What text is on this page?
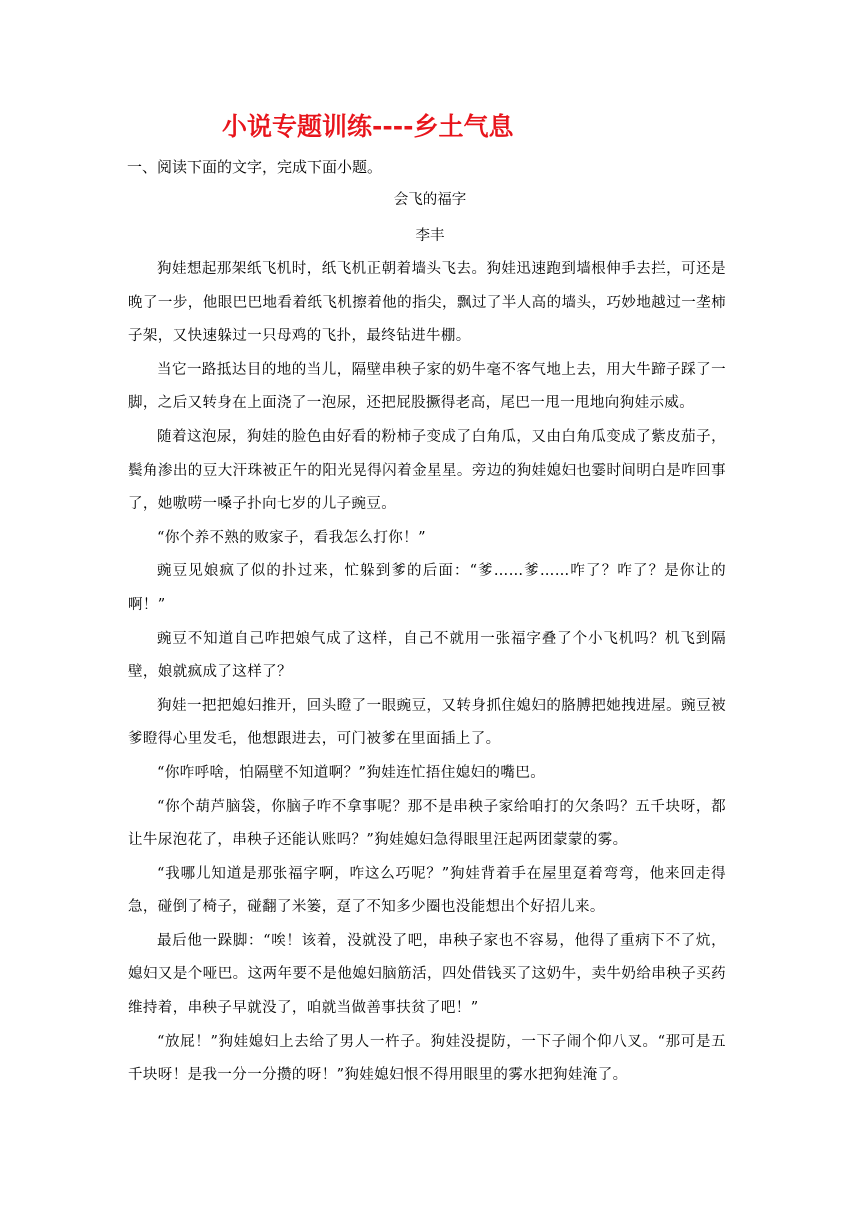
小说专题训练----乡土气息

一、阅读下面的文字，完成下面小题。

会飞的福字

李丰

狗娃想起那架纸飞机时，纸飞机正朝着墙头飞去。狗娃迅速跑到墙根伸手去拦，可还是晚了一步，他眼巴巴地看着纸飞机擦着他的指尖，飘过了半人高的墙头，巧妙地越过一垄柿子架，又快速躲过一只母鸡的飞扑，最终钻进牛棚。

当它一路抵达目的地的当儿，隔壁串秧子家的奶牛毫不客气地上去，用大牛蹄子踩了一脚，之后又转身在上面浇了一泡尿，还把屁股撅得老高，尾巴一甩一甩地向狗娃示威。

随着这泡尿，狗娃的脸色由好看的粉柿子变成了白角瓜，又由白角瓜变成了紫皮茄子，鬓角渗出的豆大汗珠被正午的阳光晃得闪着金星星。旁边的狗娃媳妇也霎时间明白是咋回事了，她嗷唠一嗓子扑向七岁的儿子豌豆。

“你个养不熟的败家子，看我怎么打你！”

豌豆见娘疯了似的扑过来，忙躲到爹的后面：“爹……爹……咋了？咋了？是你让的啊！”

豌豆不知道自己咋把娘气成了这样，自己不就用一张福字叠了个小飞机吗？机飞到隔壁，娘就疯成了这样了？

狗娃一把把媳妇推开，回头瞪了一眼豌豆，又转身抓住媳妇的胳膊把她拽进屋。豌豆被爹瞪得心里发毛，他想跟进去，可门被爹在里面插上了。

“你咋呼啥，怕隔壁不知道啊？”狗娃连忙捂住媳妇的嘴巴。

“你个葫芦脑袋，你脑子咋不拿事呢？那不是串秧子家给咱打的欠条吗？五千块呀，都让牛尿泡花了，串秧子还能认账吗？”狗娃媳妇急得眼里汪起两团蒙蒙的雾。

“我哪儿知道是那张福字啊，咋这么巧呢？”狗娃背着手在屋里趸着弯弯，他来回走得急，碰倒了椅子，碰翻了米篓，趸了不知多少圈也没能想出个好招儿来。

最后他一跺脚：“唉！该着，没就没了吧，串秧子家也不容易，他得了重病下不了炕，媳妇又是个哑巴。这两年要不是他媳妇脑筋活，四处借钱买了这奶牛，卖牛奶给串秧子买药维持着，串秧子早就没了，咱就当做善事扶贫了吧！”

“放屁！”狗娃媳妇上去给了男人一杵子。狗娃没提防，一下子闹个仰八叉。“那可是五千块呀！是我一分一分攒的呀！”狗娃媳妇恨不得用眼里的雾水把狗娃淹了。
